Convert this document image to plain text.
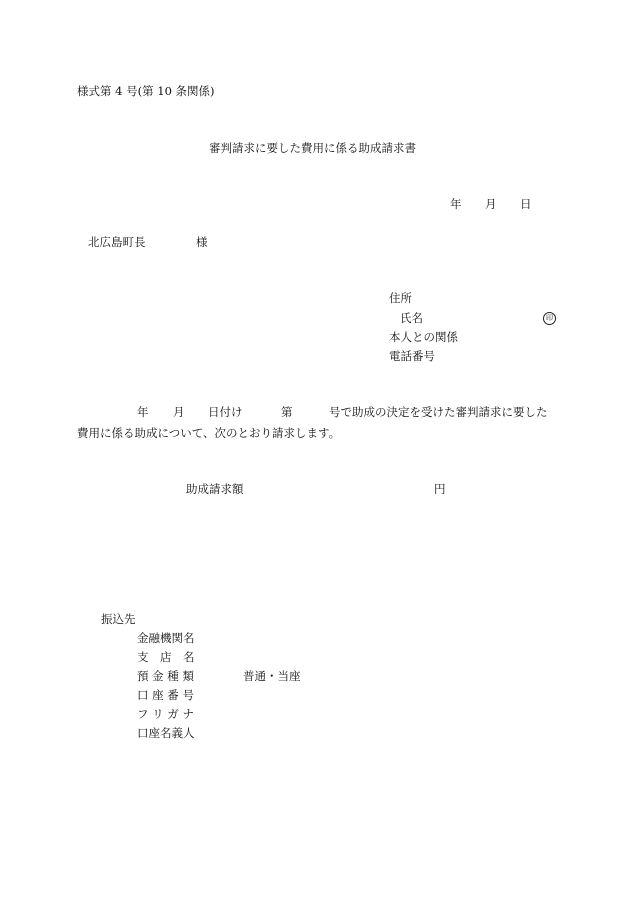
様式第 4 号(第 10 条関係)
審判請求に要した費用に係る助成請求書
年 月 日
北広島町長	様
住所
氏名	印
本人との関係
電話番号
年 月 日付け	第	号で助成の決定を受けた審判請求に要した
費用に係る助成について、次のとおり請求します。
助成請求額	円
振込先
金融機関名
支　店　名
預 金 種 類	普通・当座
口 座 番 号
フ リ ガ ナ
口座名義人
